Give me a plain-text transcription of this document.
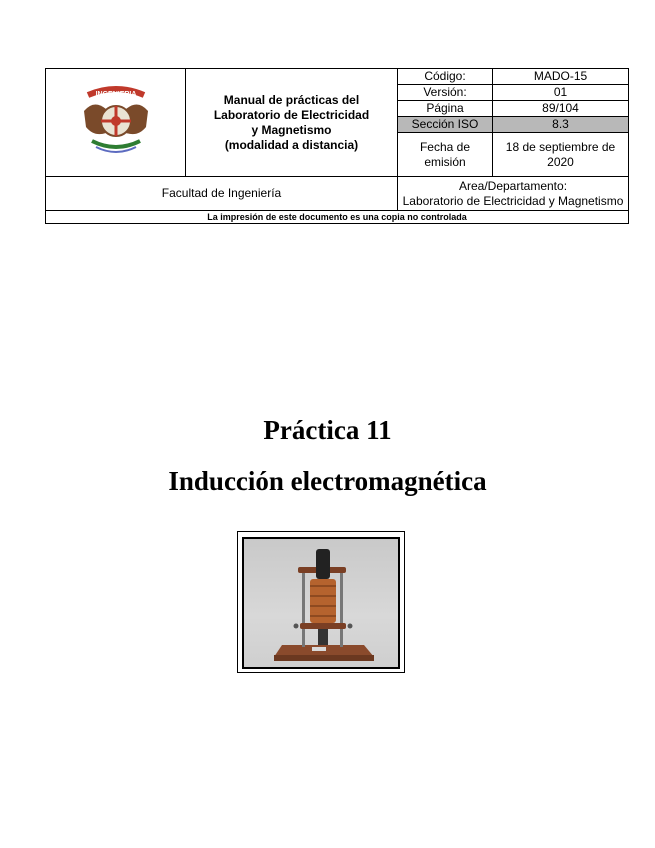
INGENIERIA	Manual de prácticas del
Laboratorio de Electricidad
y Magnetismo
(modalidad a distancia)	Código:	MADO-15
		Versión:	01
		Página	89/104
		Sección ISO	8.3
		Fecha de emisión	18 de septiembre de 2020
Facultad de Ingeniería		Area/Departamento:
Laboratorio de Electricidad y Magnetismo	

La impresión de este documento es una copia no controlada			
Práctica 11
Inducción electromagnética
